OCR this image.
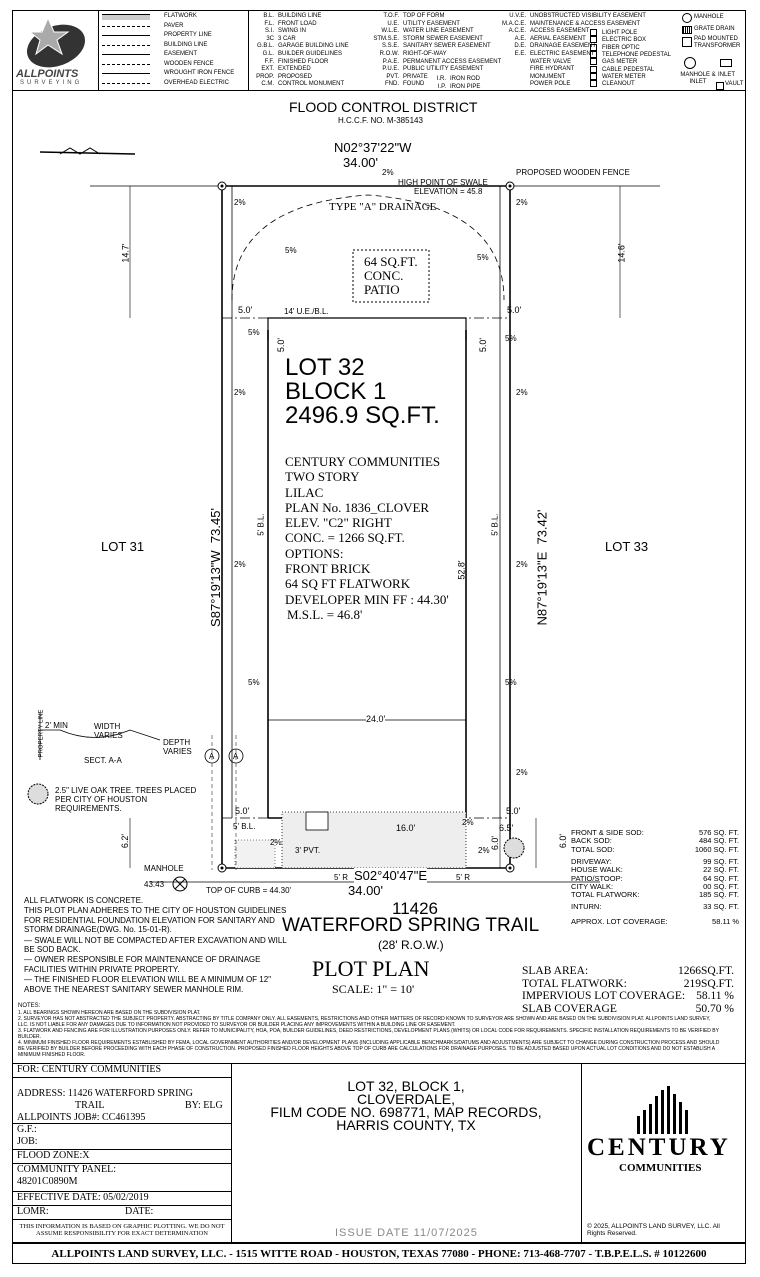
ALLPOINTS
SURVEYING
FLATWORK
PAVER
PROPERTY LINE
BUILDING LINE
EASEMENT
WOODEN FENCE
WROUGHT IRON FENCE
OVERHEAD ELECTRIC
B.L. BUILDING LINE
F.L. FRONT LOAD
S.I. SWING IN
3C 3 CAR
G.B.L. GARAGE BUILDING LINE
G.L. BUILDER GUIDELINES
F.F. FINISHED FLOOR
EXT. EXTENDED
PROP. PROPOSED
C.M. CONTROL MONUMENT
T.O.F. TOP OF FORM
U.E. UTILITY EASEMENT
W.L.E. WATER LINE EASEMENT
STM.S.E. STORM SEWER EASEMENT
S.S.E. SANITARY SEWER EASEMENT
R.O.W. RIGHT-OF-WAY
P.A.E. PERMANENT ACCESS EASEMENT
P.U.E. PUBLIC UTILITY EASEMENT
PVT. PRIVATE
FND. FOUND
I.R. IRON ROD
I.P. IRON PIPE
U.V.E. UNOBSTRUCTED VISIBILITY EASEMENT
M.A.C.E. MAINTENANCE & ACCESS EASEMENT
A.C.E. ACCESS EASEMENT
A.E. AERIAL EASEMENT
D.E. DRAINAGE EASEMENT
E.E. ELECTRIC EASEMENT
WATER VALVE
FIRE HYDRANT
MONUMENT
POWER POLE
LIGHT POLE
ELECTRIC BOX
FIBER OPTIC
TELEPHONE PEDESTAL
GAS METER
CABLE PEDESTAL
WATER METER
CLEANOUT
MANHOLE
GRATE DRAIN
PAD MOUNTED TRANSFORMER
MANHOLE & INLET
INLET
VAULT
FLOOD CONTROL DISTRICT
H.C.C.F. NO. M-385143
N02°37'22"W
34.00'
HIGH POINT OF SWALE
ELEVATION = 45.8
PROPOSED WOODEN FENCE
TYPE "A" DRAINAGE
64 SQ.FT.
CONC.
PATIO
14' U.E./B.L.
5.0'	5.0'
14.7'	14.6'
LOT 32
BLOCK 1
2496.9 SQ.FT.
CENTURY COMMUNITIES
TWO STORY
LILAC
PLAN No. 1836_CLOVER
ELEV. "C2" RIGHT
CONC. = 1266 SQ.FT.
OPTIONS:
FRONT BRICK
64 SQ FT FLATWORK
DEVELOPER MIN FF : 44.30'
M.S.L. = 46.8'
S87°19'13"W  73.45'
N87°19'13"E  73.42'
LOT 31	LOT 33
52.8'
24.0'
5' B.L.	5' B.L.
5.0'	5.0'
5%
5%
5%
5%
5%	5%
2%
2%	2%
2%	2%
2%	2%
2%
2%
2%
2%
5.0'	5.0'
5' B.L.	16.0'	6.5'
6.0'	6.0'
6.2'
3' PVT.
5' R	5' R
S02°40'47"E
34.00'
TOP OF CURB = 44.30'
MANHOLE
43.43
2.5" LIVE OAK TREE. TREES PLACED PER CITY OF HOUSTON REQUIREMENTS.
PROPERTY LINE 2' MIN	WIDTH VARIES
DEPTH VARIES
SECT. A-A	A A
11426
WATERFORD SPRING TRAIL
(28' R.O.W.)
PLOT PLAN
SCALE: 1" = 10'
ALL FLATWORK IS CONCRETE.
THIS PLOT PLAN ADHERES TO THE CITY OF HOUSTON GUIDELINES FOR RESIDENTIAL FOUNDATION ELEVATION FOR SANITARY AND STORM DRAINAGE(DWG. No. 15-01-R).
— SWALE WILL NOT BE COMPACTED AFTER EXCAVATION AND WILL BE SOD BACK.
— OWNER RESPONSIBLE FOR MAINTENANCE OF DRAINAGE FACILITIES WITHIN PRIVATE PROPERTY.
— THE FINISHED FLOOR ELEVATION WILL BE A MINIMUM OF 12" ABOVE THE NEAREST SANITARY SEWER MANHOLE RIM.
NOTES:
1. ALL BEARINGS SHOWN HEREON ARE BASED ON THE SUBDIVISION PLAT.
2. SURVEYOR HAS NOT ABSTRACTED THE SUBJECT PROPERTY. ABSTRACTING BY TITLE COMPANY ONLY. ALL EASEMENTS, RESTRICTIONS AND OTHER MATTERS OF RECORD KNOWN TO SURVEYOR ARE SHOWN AND ARE BASED ON THE SUBDIVISION PLAT. ALLPOINTS LAND SURVEY, LLC. IS NOT LIABLE FOR ANY DAMAGES DUE TO INFORMATION NOT PROVIDED TO SURVEYOR OR BUILDER PLACING ANY IMPROVEMENTS WITHIN A BUILDING LINE OR EASEMENT.
3. FLATWORK AND FENCING ARE FOR ILLUSTRATION PURPOSES ONLY. REFER TO MUNICIPALITY, HOA, POA, BUILDER GUIDELINES, DEED RESTRICTIONS, DEVELOPMENT PLANS (WHITS) OR LOCAL CODE FOR REQUIREMENTS. SPECIFIC INSTALLATION REQUIREMENTS TO BE VERIFIED BY BUILDER.
4. MINIMUM FINISHED FLOOR REQUIREMENTS ESTABLISHED BY FEMA, LOCAL GOVERNMENT AUTHORITIES AND/OR DEVELOPMENT PLANS (INCLUDING APPLICABLE BENCHMARKS/DATUMS AND ADJUSTMENTS) ARE SUBJECT TO CHANGE DURING CONSTRUCTION PROCESS AND SHOULD BE VERIFIED BY BUILDER BEFORE PROCEEDING WITH EACH PHASE OF CONSTRUCTION. PROPOSED FINISHED FLOOR HEIGHTS ABOVE TOP OF CURB ARE CALCULATIONS FOR DRAINAGE PURPOSES. TO BE ADJUSTED BASED UPON ACTUAL LOT CONDITIONS AND DO NOT ESTABLISH A MINIMUM FINISHED FLOOR.
FRONT & SIDE SOD:	576 SQ. FT.
BACK SOD:	484 SQ. FT.
TOTAL SOD:	1060 SQ. FT.
DRIVEWAY:	99 SQ. FT.
HOUSE WALK:	22 SQ. FT.
PATIO/STOOP:	64 SQ. FT.
CITY WALK:	00 SQ. FT.
TOTAL FLATWORK:	185 SQ. FT.
INTURN:	33 SQ. FT.
APPROX. LOT COVERAGE:	58.11 %
SLAB AREA:	1266SQ.FT.
TOTAL FLATWORK:	219SQ.FT.
IMPERVIOUS LOT COVERAGE: 58.11 %
SLAB COVERAGE	50.70 %
FOR: CENTURY COMMUNITIES
ADDRESS: 11426 WATERFORD SPRING
TRAIL	BY: ELG
ALLPOINTS JOB#: CC461395
G.F.:
JOB:
FLOOD ZONE:X
COMMUNITY PANEL:
48201C0890M
EFFECTIVE DATE: 05/02/2019
LOMR:	DATE:
THIS INFORMATION IS BASED ON GRAPHIC PLOTTING. WE DO NOT ASSUME RESPONSIBILITY FOR EXACT DETERMINATION
LOT 32, BLOCK 1,
CLOVERDALE,
FILM CODE NO. 698771, MAP RECORDS,
HARRIS COUNTY, TX
ISSUE DATE 11/07/2025
CENTURY
COMMUNITIES
© 2025, ALLPOINTS LAND SURVEY, LLC. All Rights Reserved.
ALLPOINTS LAND SURVEY, LLC. - 1515 WITTE ROAD - HOUSTON, TEXAS 77080 - PHONE: 713-468-7707 - T.B.P.E.L.S. # 10122600
